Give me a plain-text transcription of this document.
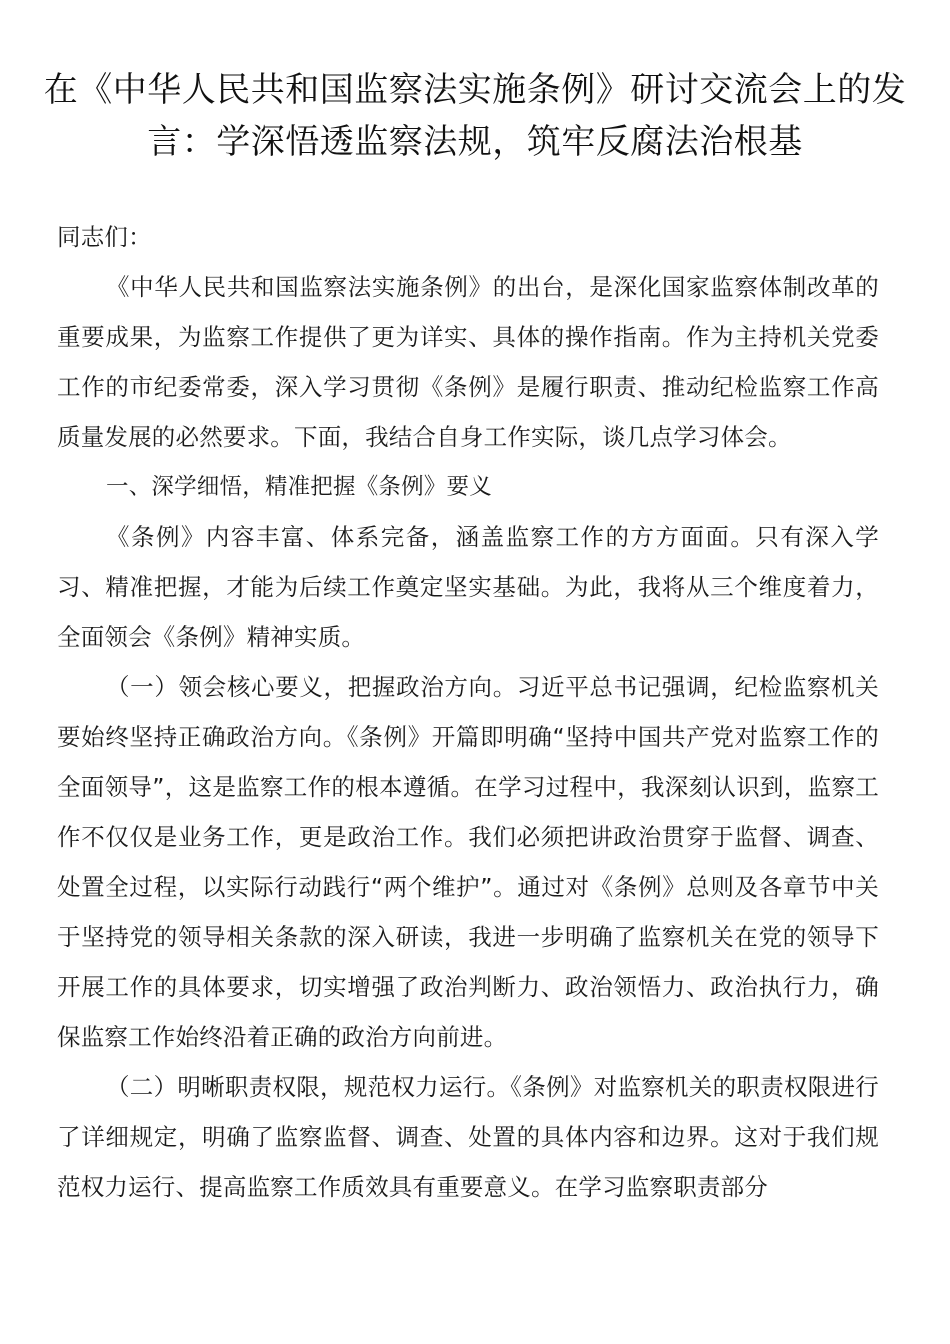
在《中华人民共和国监察法实施条例》研讨交流会上的发言：学深悟透监察法规，筑牢反腐法治根基

同志们：

《中华人民共和国监察法实施条例》的出台，是深化国家监察体制改革的重要成果，为监察工作提供了更为详实、具体的操作指南。作为主持机关党委工作的市纪委常委，深入学习贯彻《条例》是履行职责、推动纪检监察工作高质量发展的必然要求。下面，我结合自身工作实际，谈几点学习体会。

一、深学细悟，精准把握《条例》要义

《条例》内容丰富、体系完备，涵盖监察工作的方方面面。只有深入学习、精准把握，才能为后续工作奠定坚实基础。为此，我将从三个维度着力，全面领会《条例》精神实质。

（一）领会核心要义，把握政治方向。习近平总书记强调，纪检监察机关要始终坚持正确政治方向。《条例》开篇即明确“坚持中国共产党对监察工作的全面领导”，这是监察工作的根本遵循。在学习过程中，我深刻认识到，监察工作不仅仅是业务工作，更是政治工作。我们必须把讲政治贯穿于监督、调查、处置全过程，以实际行动践行“两个维护”。通过对《条例》总则及各章节中关于坚持党的领导相关条款的深入研读，我进一步明确了监察机关在党的领导下开展工作的具体要求，切实增强了政治判断力、政治领悟力、政治执行力，确保监察工作始终沿着正确的政治方向前进。

（二）明晰职责权限，规范权力运行。《条例》对监察机关的职责权限进行了详细规定，明确了监察监督、调查、处置的具体内容和边界。这对于我们规范权力运行、提高监察工作质效具有重要意义。在学习监察职责部分
